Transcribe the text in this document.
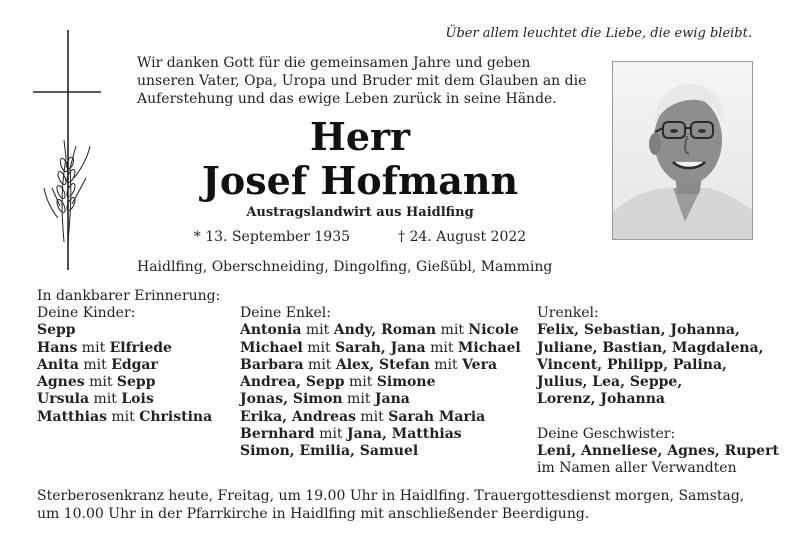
Über allem leuchtet die Liebe, die ewig bleibt.
Wir danken Gott für die gemeinsamen Jahre und geben
unseren Vater, Opa, Uropa und Bruder mit dem Glauben an die
Auferstehung und das ewige Leben zurück in seine Hände.
Herr
Josef Hofmann
Austragslandwirt aus Haidlfing
* 13. September 1935	† 24. August 2022
Haidlfing, Oberschneiding, Dingolfing, Gießübl, Mamming
In dankbarer Erinnerung:
Deine Kinder:
Sepp
Hans mit Elfriede
Anita mit Edgar
Agnes mit Sepp
Ursula mit Lois
Matthias mit Christina
Deine Enkel:
Antonia mit Andy, Roman mit Nicole
Michael mit Sarah, Jana mit Michael
Barbara mit Alex, Stefan mit Vera
Andrea, Sepp mit Simone
Jonas, Simon mit Jana
Erika, Andreas mit Sarah Maria
Bernhard mit Jana, Matthias
Simon, Emilia, Samuel
Urenkel:
Felix, Sebastian, Johanna,
Juliane, Bastian, Magdalena,
Vincent, Philipp, Palina,
Julius, Lea, Seppe,
Lorenz, Johanna
Deine Geschwister:
Leni, Anneliese, Agnes, Rupert
im Namen aller Verwandten
Sterberosenkranz heute, Freitag, um 19.00 Uhr in Haidlfing. Trauergottesdienst morgen, Samstag,
um 10.00 Uhr in der Pfarrkirche in Haidlfing mit anschließender Beerdigung.
